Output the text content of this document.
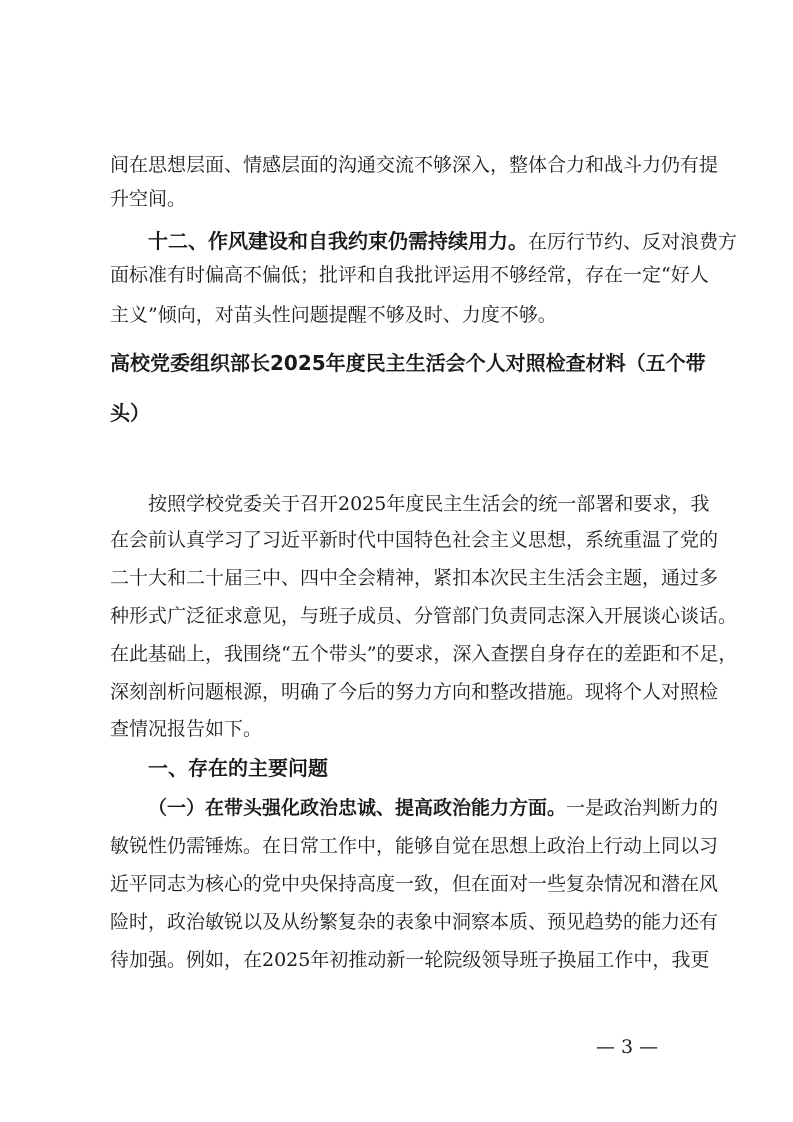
间在思想层面、情感层面的沟通交流不够深入，整体合力和战斗力仍有提
升空间。
十二、作风建设和自我约束仍需持续用力。在厉行节约、反对浪费方
面标准有时偏高不偏低；批评和自我批评运用不够经常，存在一定“好人
主义”倾向，对苗头性问题提醒不够及时、力度不够。
高校党委组织部长2025年度民主生活会个人对照检查材料（五个带
头）
按照学校党委关于召开2025年度民主生活会的统一部署和要求，我
在会前认真学习了习近平新时代中国特色社会主义思想，系统重温了党的
二十大和二十届三中、四中全会精神，紧扣本次民主生活会主题，通过多
种形式广泛征求意见，与班子成员、分管部门负责同志深入开展谈心谈话。
在此基础上，我围绕“五个带头”的要求，深入查摆自身存在的差距和不足，
深刻剖析问题根源，明确了今后的努力方向和整改措施。现将个人对照检
查情况报告如下。
一、存在的主要问题
（一）在带头强化政治忠诚、提高政治能力方面。一是政治判断力的
敏锐性仍需锤炼。在日常工作中，能够自觉在思想上政治上行动上同以习
近平同志为核心的党中央保持高度一致，但在面对一些复杂情况和潜在风
险时，政治敏锐以及从纷繁复杂的表象中洞察本质、预见趋势的能力还有
待加强。例如，在2025年初推动新一轮院级领导班子换届工作中，我更
— 3 —
